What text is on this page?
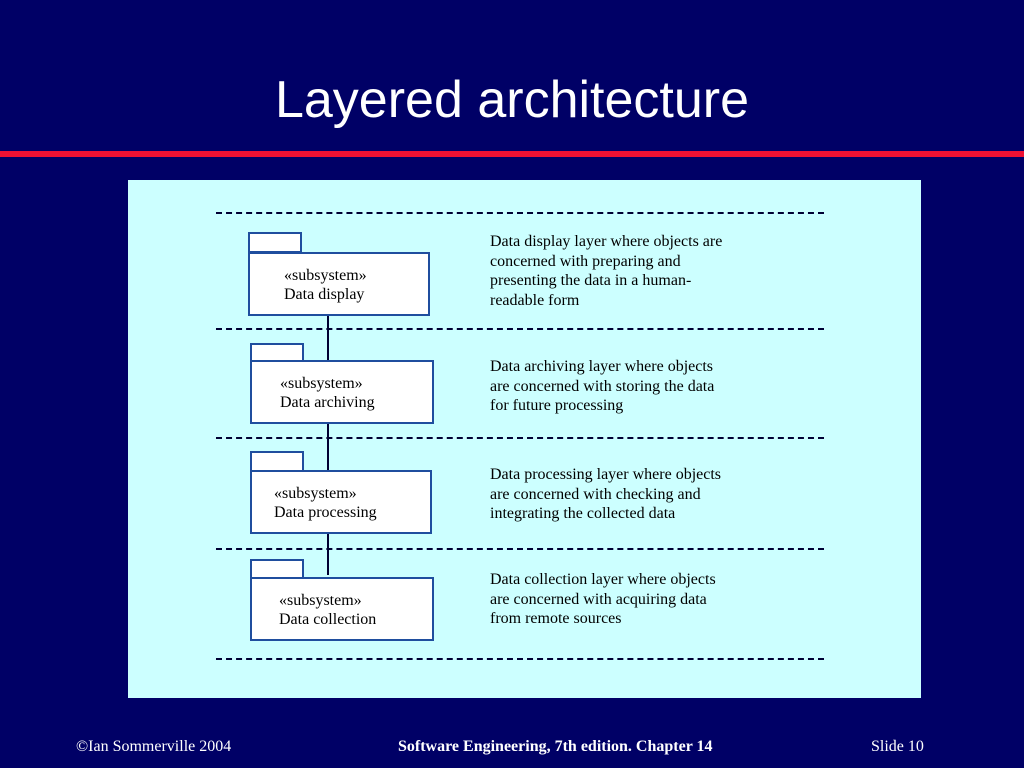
Layered architecture
«subsystem»
Data display
Data display layer where objects are
concerned with preparing and
presenting the data in a human-
readable form
«subsystem»
Data archiving
Data archiving layer where objects
are concerned with storing the data
for future processing
«subsystem»
Data processing
Data processing layer where objects
are concerned with checking and
integrating the collected data
«subsystem»
Data collection
Data collection layer where objects
are concerned with acquiring data
from remote sources
©Ian Sommerville 2004	Software Engineering, 7th edition. Chapter 14	Slide 10
